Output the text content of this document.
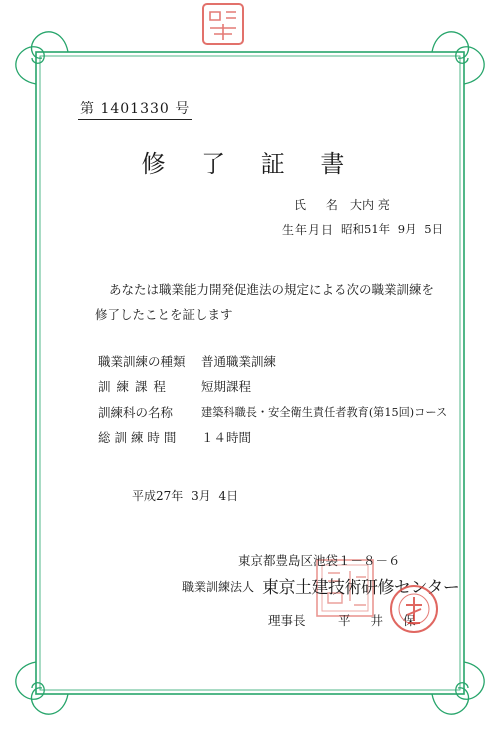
第 1401330 号
修 了 証 書
氏 名 大内 亮
生年月日 昭和51年 9月 5日
あなたは職業能力開発促進法の規定による次の職業訓練を
修了したことを証します
職業訓練の種類 普通職業訓練
訓 練 課 程	短期課程
訓練科の名称 建築科職長・安全衛生責任者教育(第15回)コース
総 訓 練 時 間 １４時間
平成27年 3月 4日
東京都豊島区池袋１－８－６
職業訓練法人 東京土建技術研修センター
理事長	平 井 保
